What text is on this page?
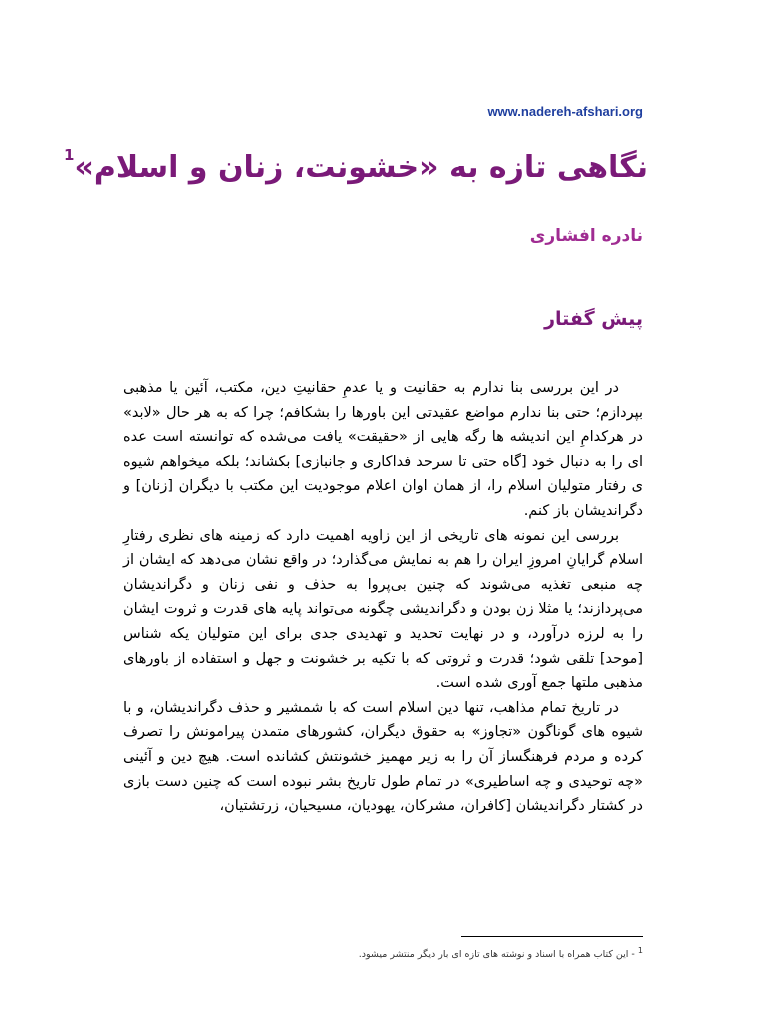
www.nadereh-afshari.org
نگاهی تازه به «خشونت، زنان و اسلام»$^1$
نادره افشاری
پیش گفتار

در این بررسی بنا ندارم به حقانیت و یا عدمِ حقانیتِ دین، مکتب، آئین یا مذهبی بپردازم؛ حتی بنا ندارم مواضع عقیدتی این باورها را بشکافم؛ چرا که به هر حال «لابد» در هرکدامِ این اندیشه ها رگه هایی از «حقیقت» یافت می‌شده که توانسته است عده ای را به دنبال خود [گاه حتی تا سرحد فداکاری و جانبازی] بکشاند؛ بلکه میخواهم شیوه ی رفتار متولیان اسلام را، از همان اوان اعلام موجودیت این مکتب با دیگران [زنان] و دگراندیشان باز کنم.

بررسی این نمونه های تاریخی از این زاویه اهمیت دارد که زمینه های نظری رفتارِ اسلام گرایانِ امروزِ ایران را هم به نمایش می‌گذارد؛ در واقع نشان می‌دهد که ایشان از چه منبعی تغذیه می‌شوند که چنین بی‌پروا به حذف و نفی زنان و دگراندیشان می‌پردازند؛ یا مثلا زن بودن و دگراندیشی چگونه می‌تواند پایه های قدرت و ثروت ایشان را به لرزه درآورد، و در نهایت تحدید و تهدیدی جدی برای این متولیان یکه شناس [موحد] تلقی شود؛ قدرت و ثروتی که با تکیه بر خشونت و جهل و استفاده از باورهای مذهبی ملتها جمع آوری شده است.

در تاریخ تمام مذاهب، تنها دین اسلام است که با شمشیر و حذف دگراندیشان، و با شیوه های گوناگون «تجاوز» به حقوق دیگران، کشورهای متمدن پیرامونش را تصرف کرده و مردم فرهنگساز آن را به زیر مهمیز خشونتش کشانده است. هیچ دین و آئینی «چه توحیدی و چه اساطیری» در تمام طول تاریخ بشر نبوده است که چنین دست بازی در کشتار دگراندیشان [کافران، مشرکان، یهودیان، مسیحیان، زرتشتیان،

$^1$ - این کتاب همراه با اسناد و نوشته های تازه ای بار دیگر منتشر میشود.
